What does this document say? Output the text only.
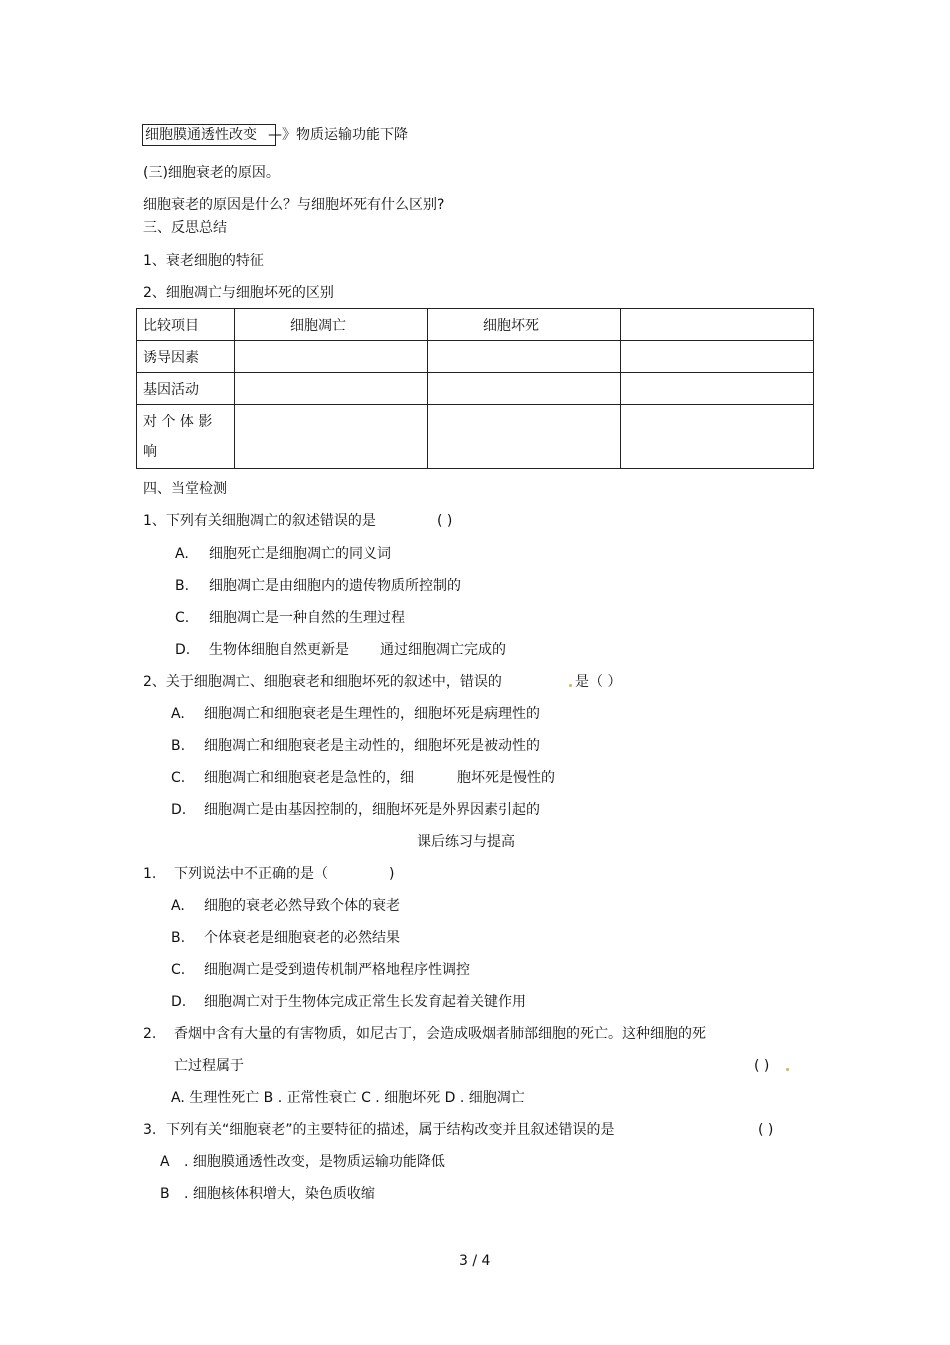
细胞膜通透性改变 —》物质运输功能下降
(三)细胞衰老的原因。
细胞衰老的原因是什么？与细胞坏死有什么区别?
三、反思总结
1、衰老细胞的特征
2、细胞凋亡与细胞坏死的区别
比较项目	细胞凋亡	细胞坏死	
诱导因素			
基因活动			

对 个 体 影
响			

四、当堂检测
1、下列有关细胞凋亡的叙述错误的是	( )
A. 细胞死亡是细胞凋亡的同义词
B. 细胞凋亡是由细胞内的遗传物质所控制的
C. 细胞凋亡是一种自然的生理过程
D. 生物体细胞自然更新是 通过细胞凋亡完成的
2、关于细胞凋亡、细胞衰老和细胞坏死的叙述中，错误的	是（ ）
A. 细胞凋亡和细胞衰老是生理性的，细胞坏死是病理性的
B. 细胞凋亡和细胞衰老是主动性的，细胞坏死是被动性的
C. 细胞凋亡和细胞衰老是急性的，细	胞坏死是慢性的
D. 细胞凋亡是由基因控制的，细胞坏死是外界因素引起的
课后练习与提高
1. 下列说法中不正确的是（	)
A. 细胞的衰老必然导致个体的衰老
B. 个体衰老是细胞衰老的必然结果
C. 细胞凋亡是受到遗传机制严格地程序性调控
D. 细胞凋亡对于生物体完成正常生长发育起着关键作用
2. 香烟中含有大量的有害物质，如尼古丁，会造成吸烟者肺部细胞的死亡。这种细胞的死
亡过程属于	( )
A. 生理性死亡 B . 正常性衰亡 C . 细胞坏死 D . 细胞凋亡
3. 下列有关“细胞衰老”的主要特征的描述，属于结构改变并且叙述错误的是	( )
A . 细胞膜通透性改变，是物质运输功能降低
B . 细胞核体积增大，染色质收缩
3 / 4
